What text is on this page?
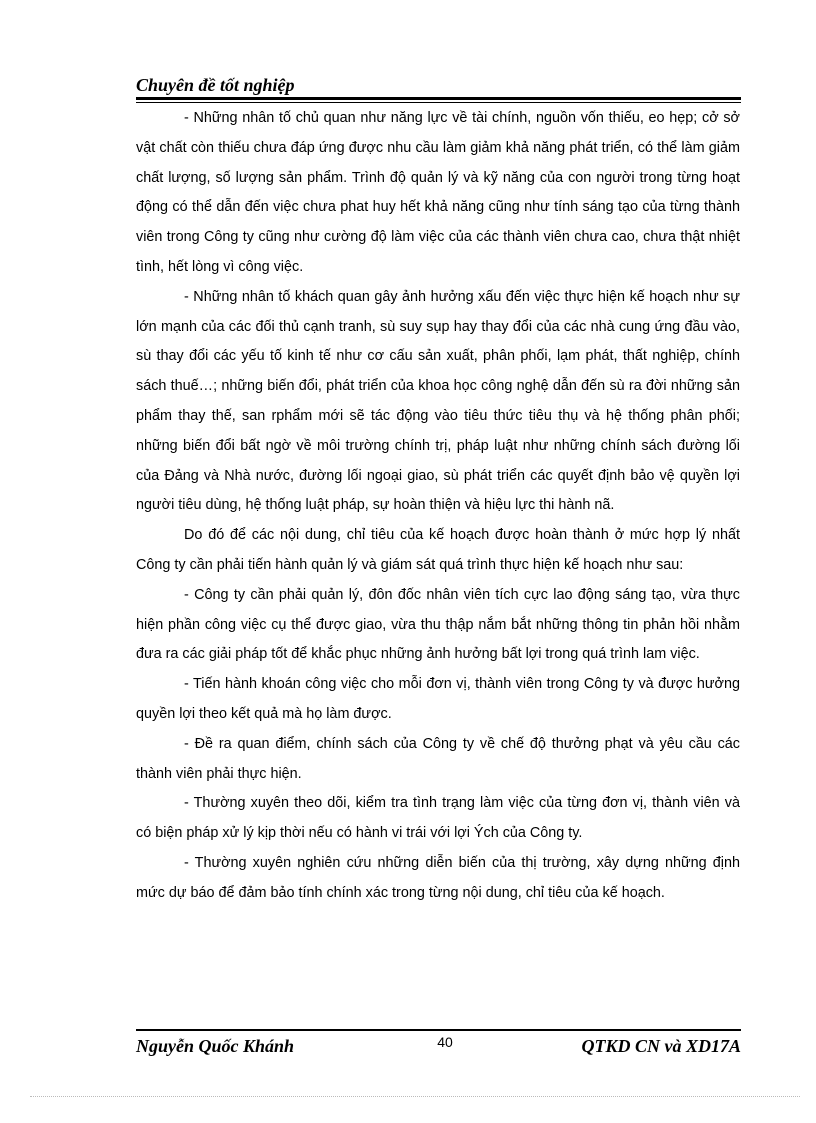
Chuyên đề tốt nghiệp

- Những nhân tố chủ quan như năng lực về tài chính, nguồn vốn thiếu, eo hẹp; cở sở vật chất còn thiếu chưa đáp ứng được nhu cầu làm giảm khả năng phát triển, có thể làm giảm chất lượng, số lượng sản phẩm. Trình độ quản lý và kỹ năng của con người trong từng hoạt động có thể dẫn đến việc chưa phat huy hết khả năng cũng như tính sáng tạo của từng thành viên trong Công ty cũng như cường độ làm việc của các thành viên chưa cao, chưa thật nhiệt tình, hết lòng vì công việc.

- Những nhân tố khách quan gây ảnh hưởng xấu đến việc thực hiện kế hoạch như sự lớn mạnh của các đối thủ cạnh tranh, sù suy sụp hay thay đổi của các nhà cung ứng đầu vào, sù thay đổi các yếu tố kinh tế như cơ cấu sản xuất, phân phối, lạm phát, thất nghiệp, chính sách thuế…; những biến đổi, phát triển của khoa học công nghệ dẫn đến sù ra đời những sản phẩm thay thế, san rphẩm mới sẽ tác động vào tiêu thức tiêu thụ và hệ thống phân phối; những biến đổi bất ngờ về môi trường chính trị, pháp luật như những chính sách đường lối của Đảng và Nhà nước, đường lối ngoại giao, sù phát triển các quyết định bảo vệ quyền lợi người tiêu dùng, hệ thống luật pháp, sự hoàn thiện và hiệu lực thi hành nã.

Do đó để các nội dung, chỉ tiêu của kế hoạch được hoàn thành ở mức hợp lý nhất Công ty cần phải tiến hành quản lý và giám sát quá trình thực hiện kế hoạch như sau:

- Công ty cần phải quản lý, đôn đốc nhân viên tích cực lao động sáng tạo, vừa thực hiện phần công việc cụ thể được giao, vừa thu thập nắm bắt những thông tin phản hồi nhằm đưa ra các giải pháp tốt để khắc phục những ảnh hưởng bất lợi trong quá trình lam việc.

- Tiến hành khoán công việc cho mỗi đơn vị, thành viên trong Công ty và được hưởng quyền lợi theo kết quả mà họ làm được.

- Đề ra quan điểm, chính sách của Công ty về chế độ thưởng phạt và yêu cầu các thành viên phải thực hiện.

- Thường xuyên theo dõi, kiểm tra tình trạng làm việc của từng đơn vị, thành viên và có biện pháp xử lý kịp thời nếu có hành vi trái với lợi Ých của Công ty.

- Thường xuyên nghiên cứu những diễn biến của thị trường, xây dựng những định mức dự báo để đảm bảo tính chính xác trong từng nội dung, chỉ tiêu của kế hoạch.

Nguyễn Quốc Khánh	40	QTKD CN và XD17A
